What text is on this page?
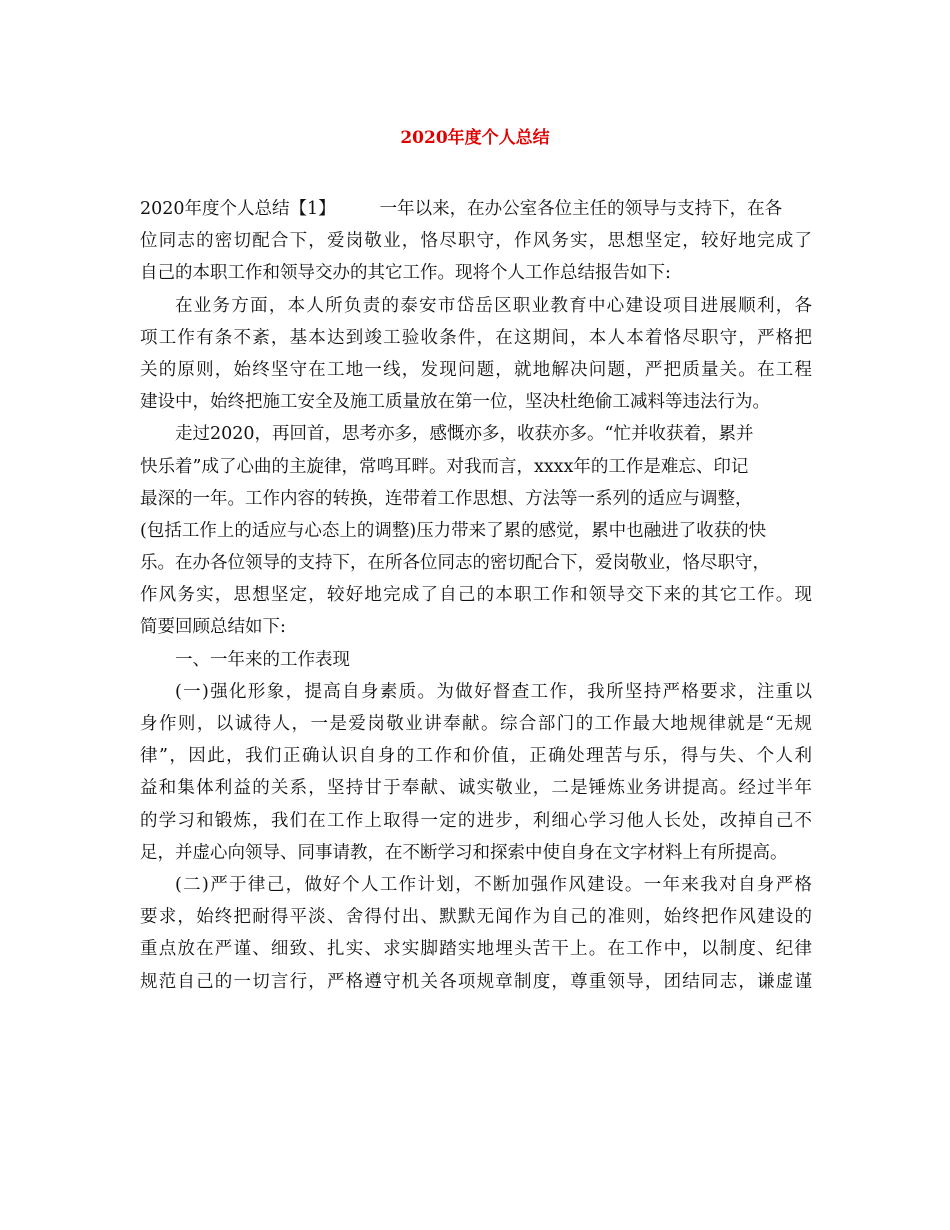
2020年度个人总结
2020年度个人总结【1】	一年以来，在办公室各位主任的领导与支持下，在各
位同志的密切配合下，爱岗敬业，恪尽职守，作风务实，思想坚定，较好地完成了
自己的本职工作和领导交办的其它工作。现将个人工作总结报告如下:
在业务方面，本人所负责的泰安市岱岳区职业教育中心建设项目进展顺利，各
项工作有条不紊，基本达到竣工验收条件，在这期间，本人本着恪尽职守，严格把
关的原则，始终坚守在工地一线，发现问题，就地解决问题，严把质量关。在工程
建设中，始终把施工安全及施工质量放在第一位，坚决杜绝偷工减料等违法行为。
走过2020，再回首，思考亦多，感慨亦多，收获亦多。“忙并收获着，累并
快乐着”成了心曲的主旋律，常鸣耳畔。对我而言，xxxx年的工作是难忘、印记
最深的一年。工作内容的转换，连带着工作思想、方法等一系列的适应与调整，
(包括工作上的适应与心态上的调整)压力带来了累的感觉，累中也融进了收获的快
乐。在办各位领导的支持下，在所各位同志的密切配合下，爱岗敬业，恪尽职守，
作风务实，思想坚定，较好地完成了自己的本职工作和领导交下来的其它工作。现
简要回顾总结如下:
一、一年来的工作表现
(一)强化形象，提高自身素质。为做好督查工作，我所坚持严格要求，注重以
身作则，以诚待人，一是爱岗敬业讲奉献。综合部门的工作最大地规律就是“无规
律”，因此，我们正确认识自身的工作和价值，正确处理苦与乐，得与失、个人利
益和集体利益的关系，坚持甘于奉献、诚实敬业，二是锤炼业务讲提高。经过半年
的学习和锻炼，我们在工作上取得一定的进步，利细心学习他人长处，改掉自己不
足，并虚心向领导、同事请教，在不断学习和探索中使自身在文字材料上有所提高。
(二)严于律己，做好个人工作计划，不断加强作风建设。一年来我对自身严格
要求，始终把耐得平淡、舍得付出、默默无闻作为自己的准则，始终把作风建设的
重点放在严谨、细致、扎实、求实脚踏实地埋头苦干上。在工作中，以制度、纪律
规范自己的一切言行，严格遵守机关各项规章制度，尊重领导，团结同志，谦虚谨
